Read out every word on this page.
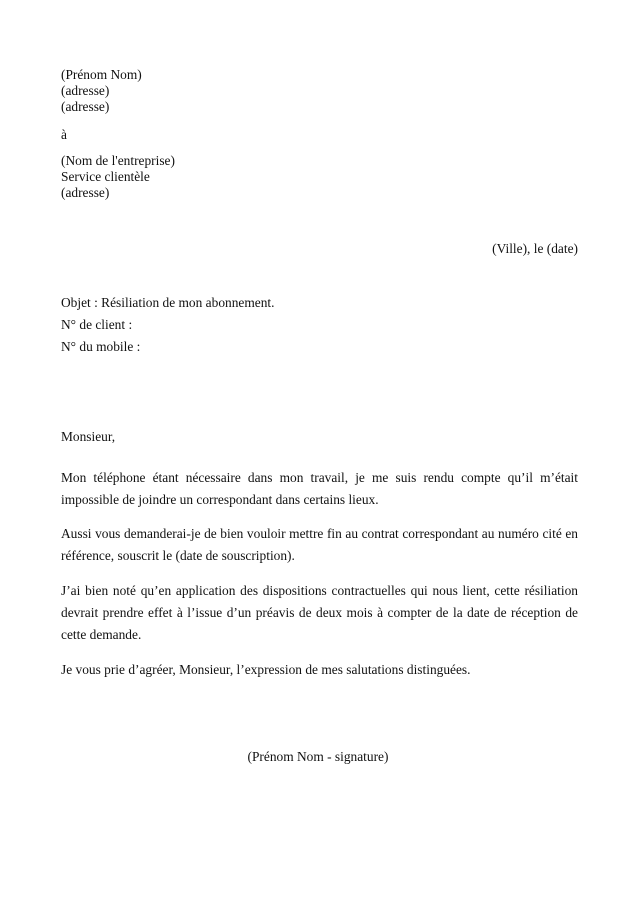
(Prénom Nom)
(adresse)
(adresse)
à
(Nom de l'entreprise)
Service clientèle
(adresse)
(Ville), le (date)
Objet : Résiliation de mon abonnement.
N° de client :
N° du mobile :
Monsieur,
Mon téléphone étant nécessaire dans mon travail, je me suis rendu compte qu’il m’était impossible de joindre un correspondant dans certains lieux.
Aussi vous demanderai-je de bien vouloir mettre fin au contrat correspondant au numéro cité en référence, souscrit le (date de souscription).
J’ai bien noté qu’en application des dispositions contractuelles qui nous lient, cette résiliation devrait prendre effet à l’issue d’un préavis de deux mois à compter de la date de réception de cette demande.
Je vous prie d’agréer, Monsieur, l’expression de mes salutations distinguées.
(Prénom Nom - signature)
